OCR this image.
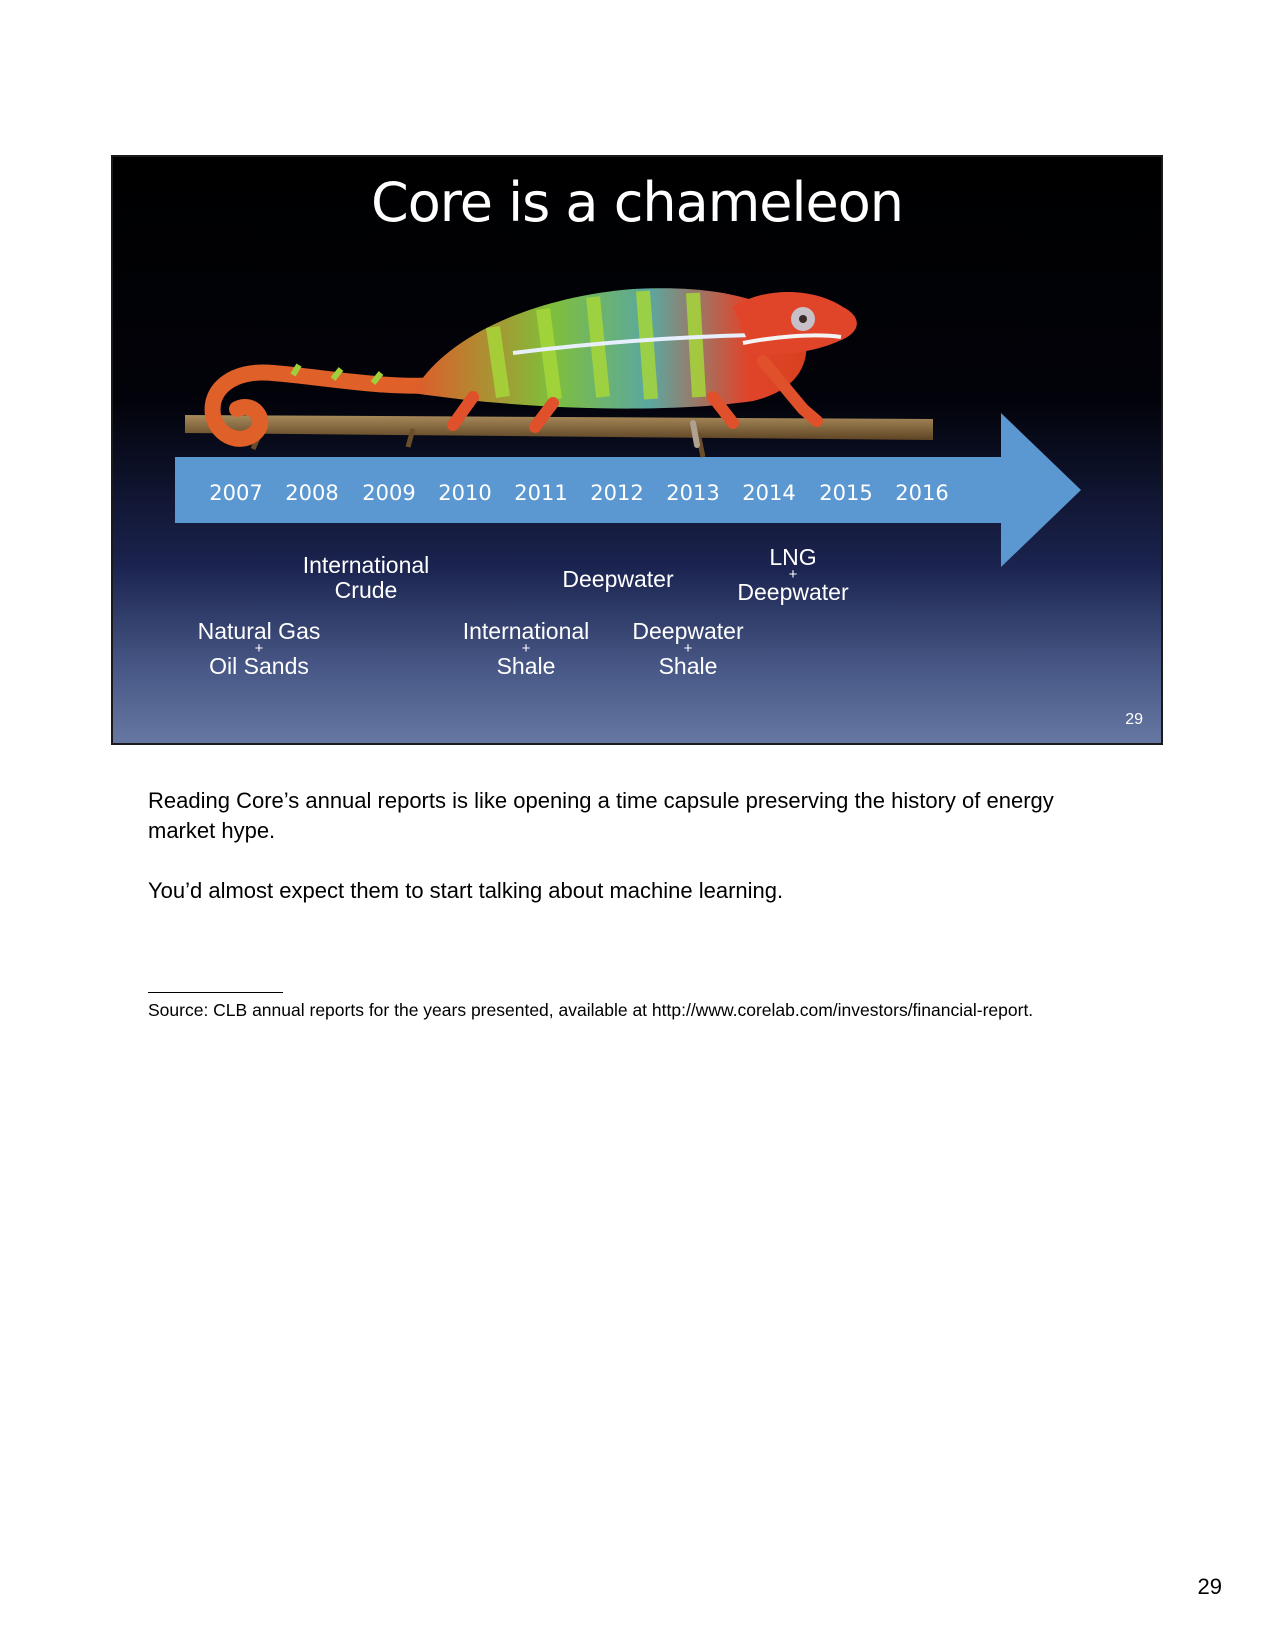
Core is a chameleon
2007	2008	2009	2010	2011	2012	2013	2014	2015	2016
Natural Gas
+
Oil Sands
International
Crude
International
+
Shale
Deepwater
Deepwater
+
Shale
LNG
+
Deepwater
29
Reading Core’s annual reports is like opening a time capsule preserving the history of energy market hype.
You’d almost expect them to start talking about machine learning.
Source: CLB annual reports for the years presented, available at http://www.corelab.com/investors/financial-report.
29
